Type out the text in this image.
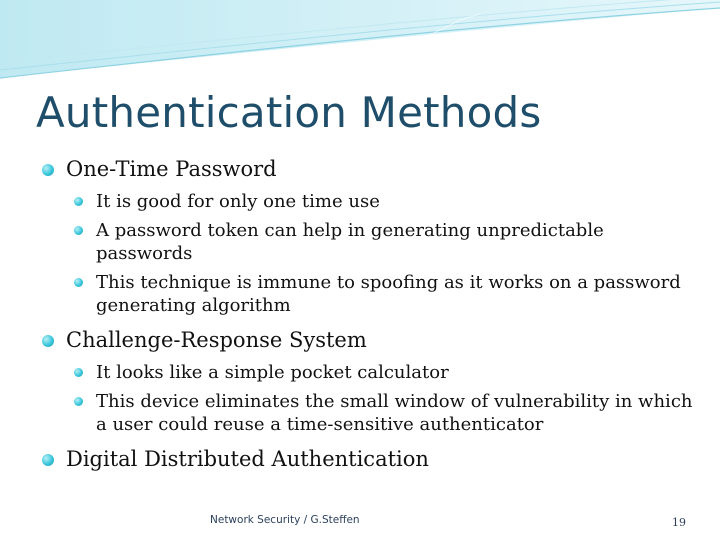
Authentication Methods
One-Time Password
It is good for only one time use
A password token can help in generating unpredictable passwords
This technique is immune to spoofing as it works on a password generating algorithm
Challenge-Response System
It looks like a simple pocket calculator
This device eliminates the small window of vulnerability in which a user could reuse a time-sensitive authenticator
Digital Distributed Authentication
Network Security / G.Steffen	19
